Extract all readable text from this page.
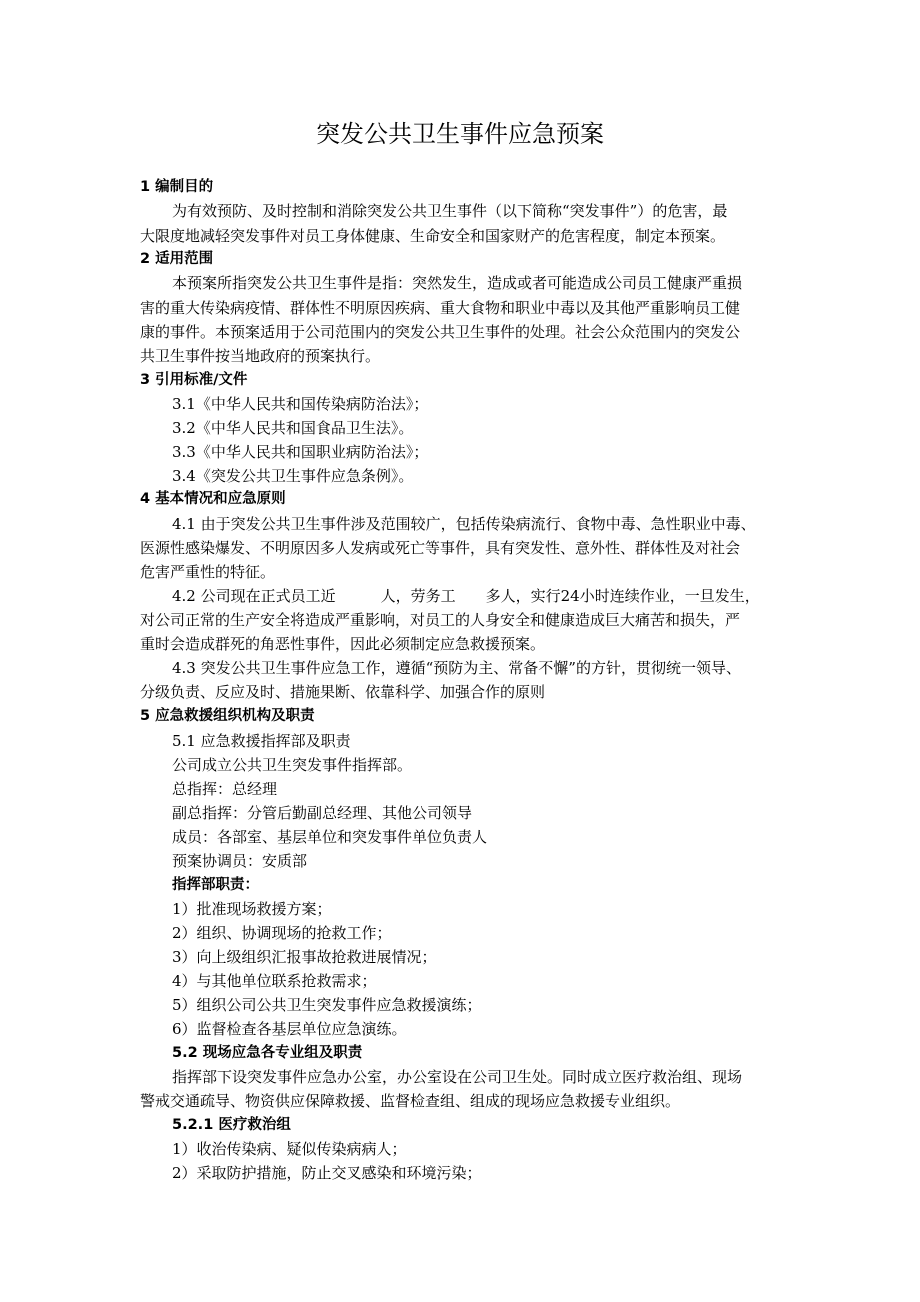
突发公共卫生事件应急预案
1 编制目的
为有效预防、及时控制和消除突发公共卫生事件（以下简称“突发事件”）的危害，最
大限度地减轻突发事件对员工身体健康、生命安全和国家财产的危害程度，制定本预案。
2 适用范围
本预案所指突发公共卫生事件是指：突然发生，造成或者可能造成公司员工健康严重损
害的重大传染病疫情、群体性不明原因疾病、重大食物和职业中毒以及其他严重影响员工健
康的事件。本预案适用于公司范围内的突发公共卫生事件的处理。社会公众范围内的突发公
共卫生事件按当地政府的预案执行。
3 引用标准/文件
3.1《中华人民共和国传染病防治法》；
3.2《中华人民共和国食品卫生法》。
3.3《中华人民共和国职业病防治法》；
3.4《突发公共卫生事件应急条例》。
4 基本情况和应急原则
4.1 由于突发公共卫生事件涉及范围较广，包括传染病流行、食物中毒、急性职业中毒、
医源性感染爆发、不明原因多人发病或死亡等事件，具有突发性、意外性、群体性及对社会
危害严重性的特征。
4.2 公司现在正式员工近　　　人，劳务工　　多人，实行24小时连续作业，一旦发生，
对公司正常的生产安全将造成严重影响，对员工的人身安全和健康造成巨大痛苦和损失，严
重时会造成群死的角恶性事件，因此必须制定应急救援预案。
4.3 突发公共卫生事件应急工作，遵循“预防为主、常备不懈”的方针，贯彻统一领导、
分级负责、反应及时、措施果断、依靠科学、加强合作的原则
5 应急救援组织机构及职责
5.1 应急救援指挥部及职责
公司成立公共卫生突发事件指挥部。
总指挥：总经理
副总指挥：分管后勤副总经理、其他公司领导
成员：各部室、基层单位和突发事件单位负责人
预案协调员：安质部
指挥部职责：
1）批准现场救援方案；
2）组织、协调现场的抢救工作；
3）向上级组织汇报事故抢救进展情况；
4）与其他单位联系抢救需求；
5）组织公司公共卫生突发事件应急救援演练；
6）监督检查各基层单位应急演练。
5.2 现场应急各专业组及职责
指挥部下设突发事件应急办公室，办公室设在公司卫生处。同时成立医疗救治组、现场
警戒交通疏导、物资供应保障救援、监督检查组、组成的现场应急救援专业组织。
5.2.1 医疗救治组
1）收治传染病、疑似传染病病人；
2）采取防护措施，防止交叉感染和环境污染；
